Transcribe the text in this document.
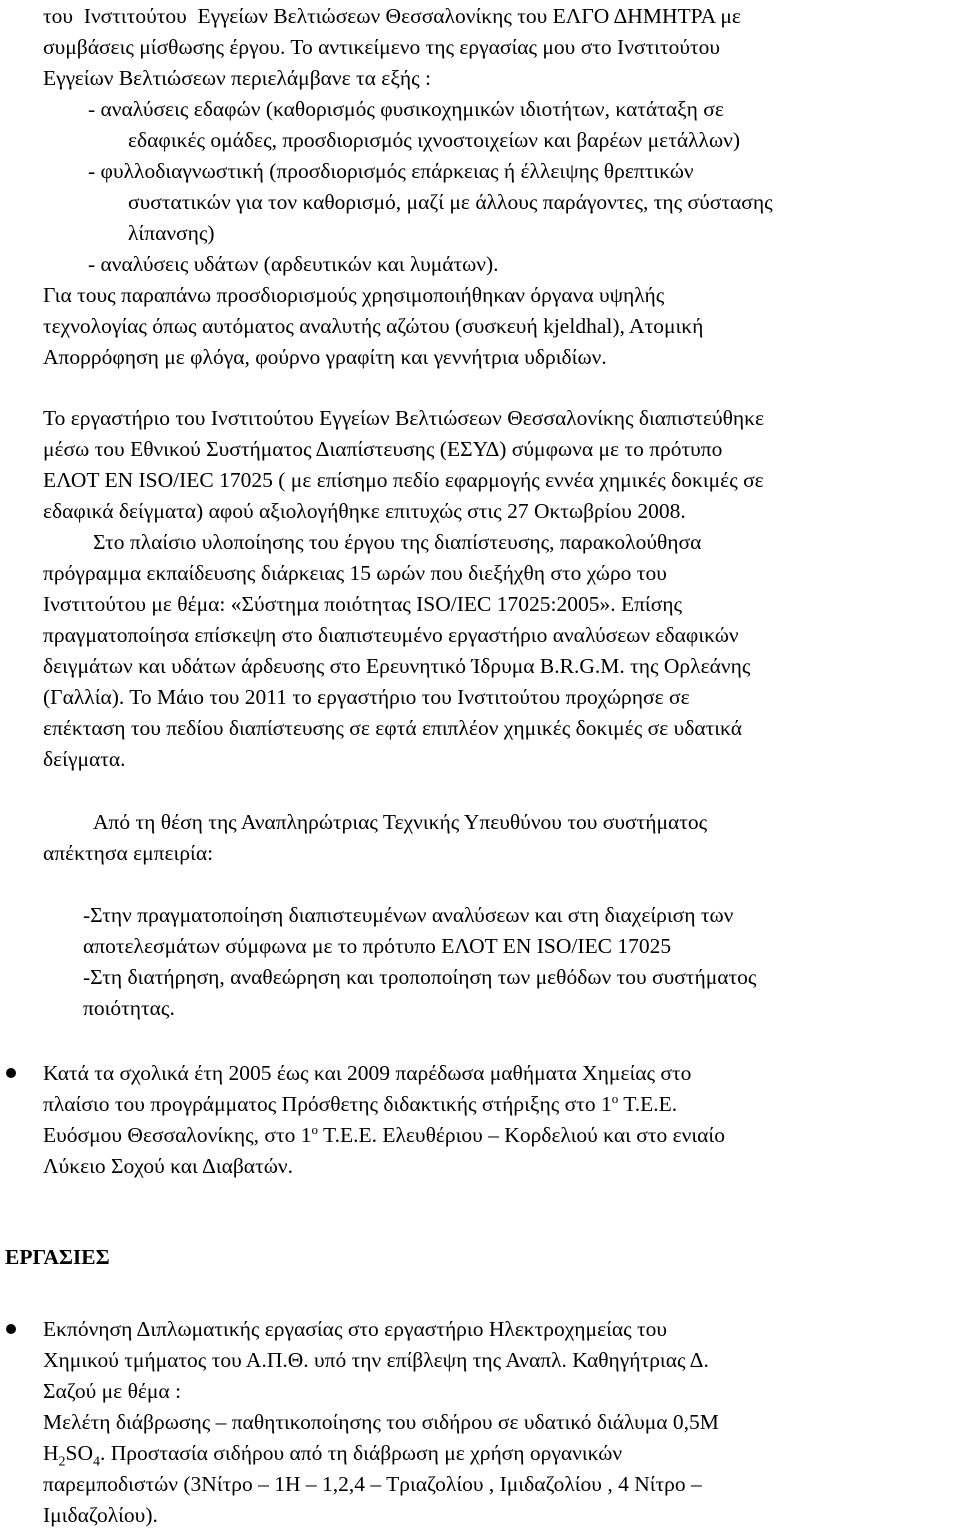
του  Ινστιτούτου  Εγγείων Βελτιώσεων Θεσσαλονίκης του ΕΛΓΟ ΔΗΜΗΤΡΑ με
συμβάσεις μίσθωσης έργου. Το αντικείμενο της εργασίας μου στο Ινστιτούτου
Εγγείων Βελτιώσεων περιελάμβανε τα εξής :
- αναλύσεις εδαφών (καθορισμός φυσικοχημικών ιδιοτήτων, κατάταξη σε
εδαφικές ομάδες, προσδιορισμός ιχνοστοιχείων και βαρέων μετάλλων)
- φυλλοδιαγνωστική (προσδιορισμός επάρκειας ή έλλειψης θρεπτικών
συστατικών για τον καθορισμό, μαζί με άλλους παράγοντες, της σύστασης
λίπανσης)
- αναλύσεις υδάτων (αρδευτικών και λυμάτων).
Για τους παραπάνω προσδιορισμούς χρησιμοποιήθηκαν όργανα υψηλής
τεχνολογίας όπως αυτόματος αναλυτής αζώτου (συσκευή kjeldhal), Ατομική
Απορρόφηση με φλόγα, φούρνο γραφίτη και γεννήτρια υδριδίων.
Το εργαστήριο του Ινστιτούτου Εγγείων Βελτιώσεων Θεσσαλονίκης διαπιστεύθηκε
μέσω του Εθνικού Συστήματος Διαπίστευσης (ΕΣΥΔ) σύμφωνα με το πρότυπο
ΕΛΟΤ ΕΝ ISO/IEC 17025 ( με επίσημο πεδίο εφαρμογής εννέα χημικές δοκιμές σε
εδαφικά δείγματα) αφού αξιολογήθηκε επιτυχώς στις 27 Οκτωβρίου 2008.
Στο πλαίσιο υλοποίησης του έργου της διαπίστευσης, παρακολούθησα
πρόγραμμα εκπαίδευσης διάρκειας 15 ωρών που διεξήχθη στο χώρο του
Ινστιτούτου με θέμα: «Σύστημα ποιότητας ISO/IEC 17025:2005». Επίσης
πραγματοποίησα επίσκεψη στο διαπιστευμένο εργαστήριο αναλύσεων εδαφικών
δειγμάτων και υδάτων άρδευσης στο Ερευνητικό Ίδρυμα B.R.G.M. της Ορλεάνης
(Γαλλία). Το Μάιο του 2011 το εργαστήριο του Ινστιτούτου προχώρησε σε
επέκταση του πεδίου διαπίστευσης σε εφτά επιπλέον χημικές δοκιμές σε υδατικά
δείγματα.
Από τη θέση της Αναπληρώτριας Τεχνικής Υπευθύνου του συστήματος
απέκτησα εμπειρία:
-Στην πραγματοποίηση διαπιστευμένων αναλύσεων και στη διαχείριση των
αποτελεσμάτων σύμφωνα με το πρότυπο ΕΛΟΤ ΕΝ ISO/IEC 17025
-Στη διατήρηση, αναθεώρηση και τροποποίηση των μεθόδων του συστήματος
ποιότητας.
Κατά τα σχολικά έτη 2005 έως και 2009 παρέδωσα μαθήματα Χημείας στο
πλαίσιο του προγράμματος Πρόσθετης διδακτικής στήριξης στο $1^o$ Τ.Ε.Ε.
Ευόσμου Θεσσαλονίκης, στο $1^o$ Τ.Ε.Ε. Ελευθέριου – Κορδελιού και στο ενιαίο
Λύκειο Σοχού και Διαβατών.
ΕΡΓΑΣΙΕΣ
Εκπόνηση Διπλωματικής εργασίας στο εργαστήριο Ηλεκτροχημείας του
Χημικού τμήματος του Α.Π.Θ. υπό την επίβλεψη της Αναπλ. Καθηγήτριας Δ.
Σαζού με θέμα :
Μελέτη διάβρωσης – παθητικοποίησης του σιδήρου σε υδατικό διάλυμα 0,5Μ
$H_2SO_4$. Προστασία σιδήρου από τη διάβρωση με χρήση οργανικών
παρεμποδιστών (3Νίτρο – 1Η – 1,2,4 – Τριαζολίου , Ιμιδαζολίου , 4 Νίτρο –
Ιμιδαζολίου).
